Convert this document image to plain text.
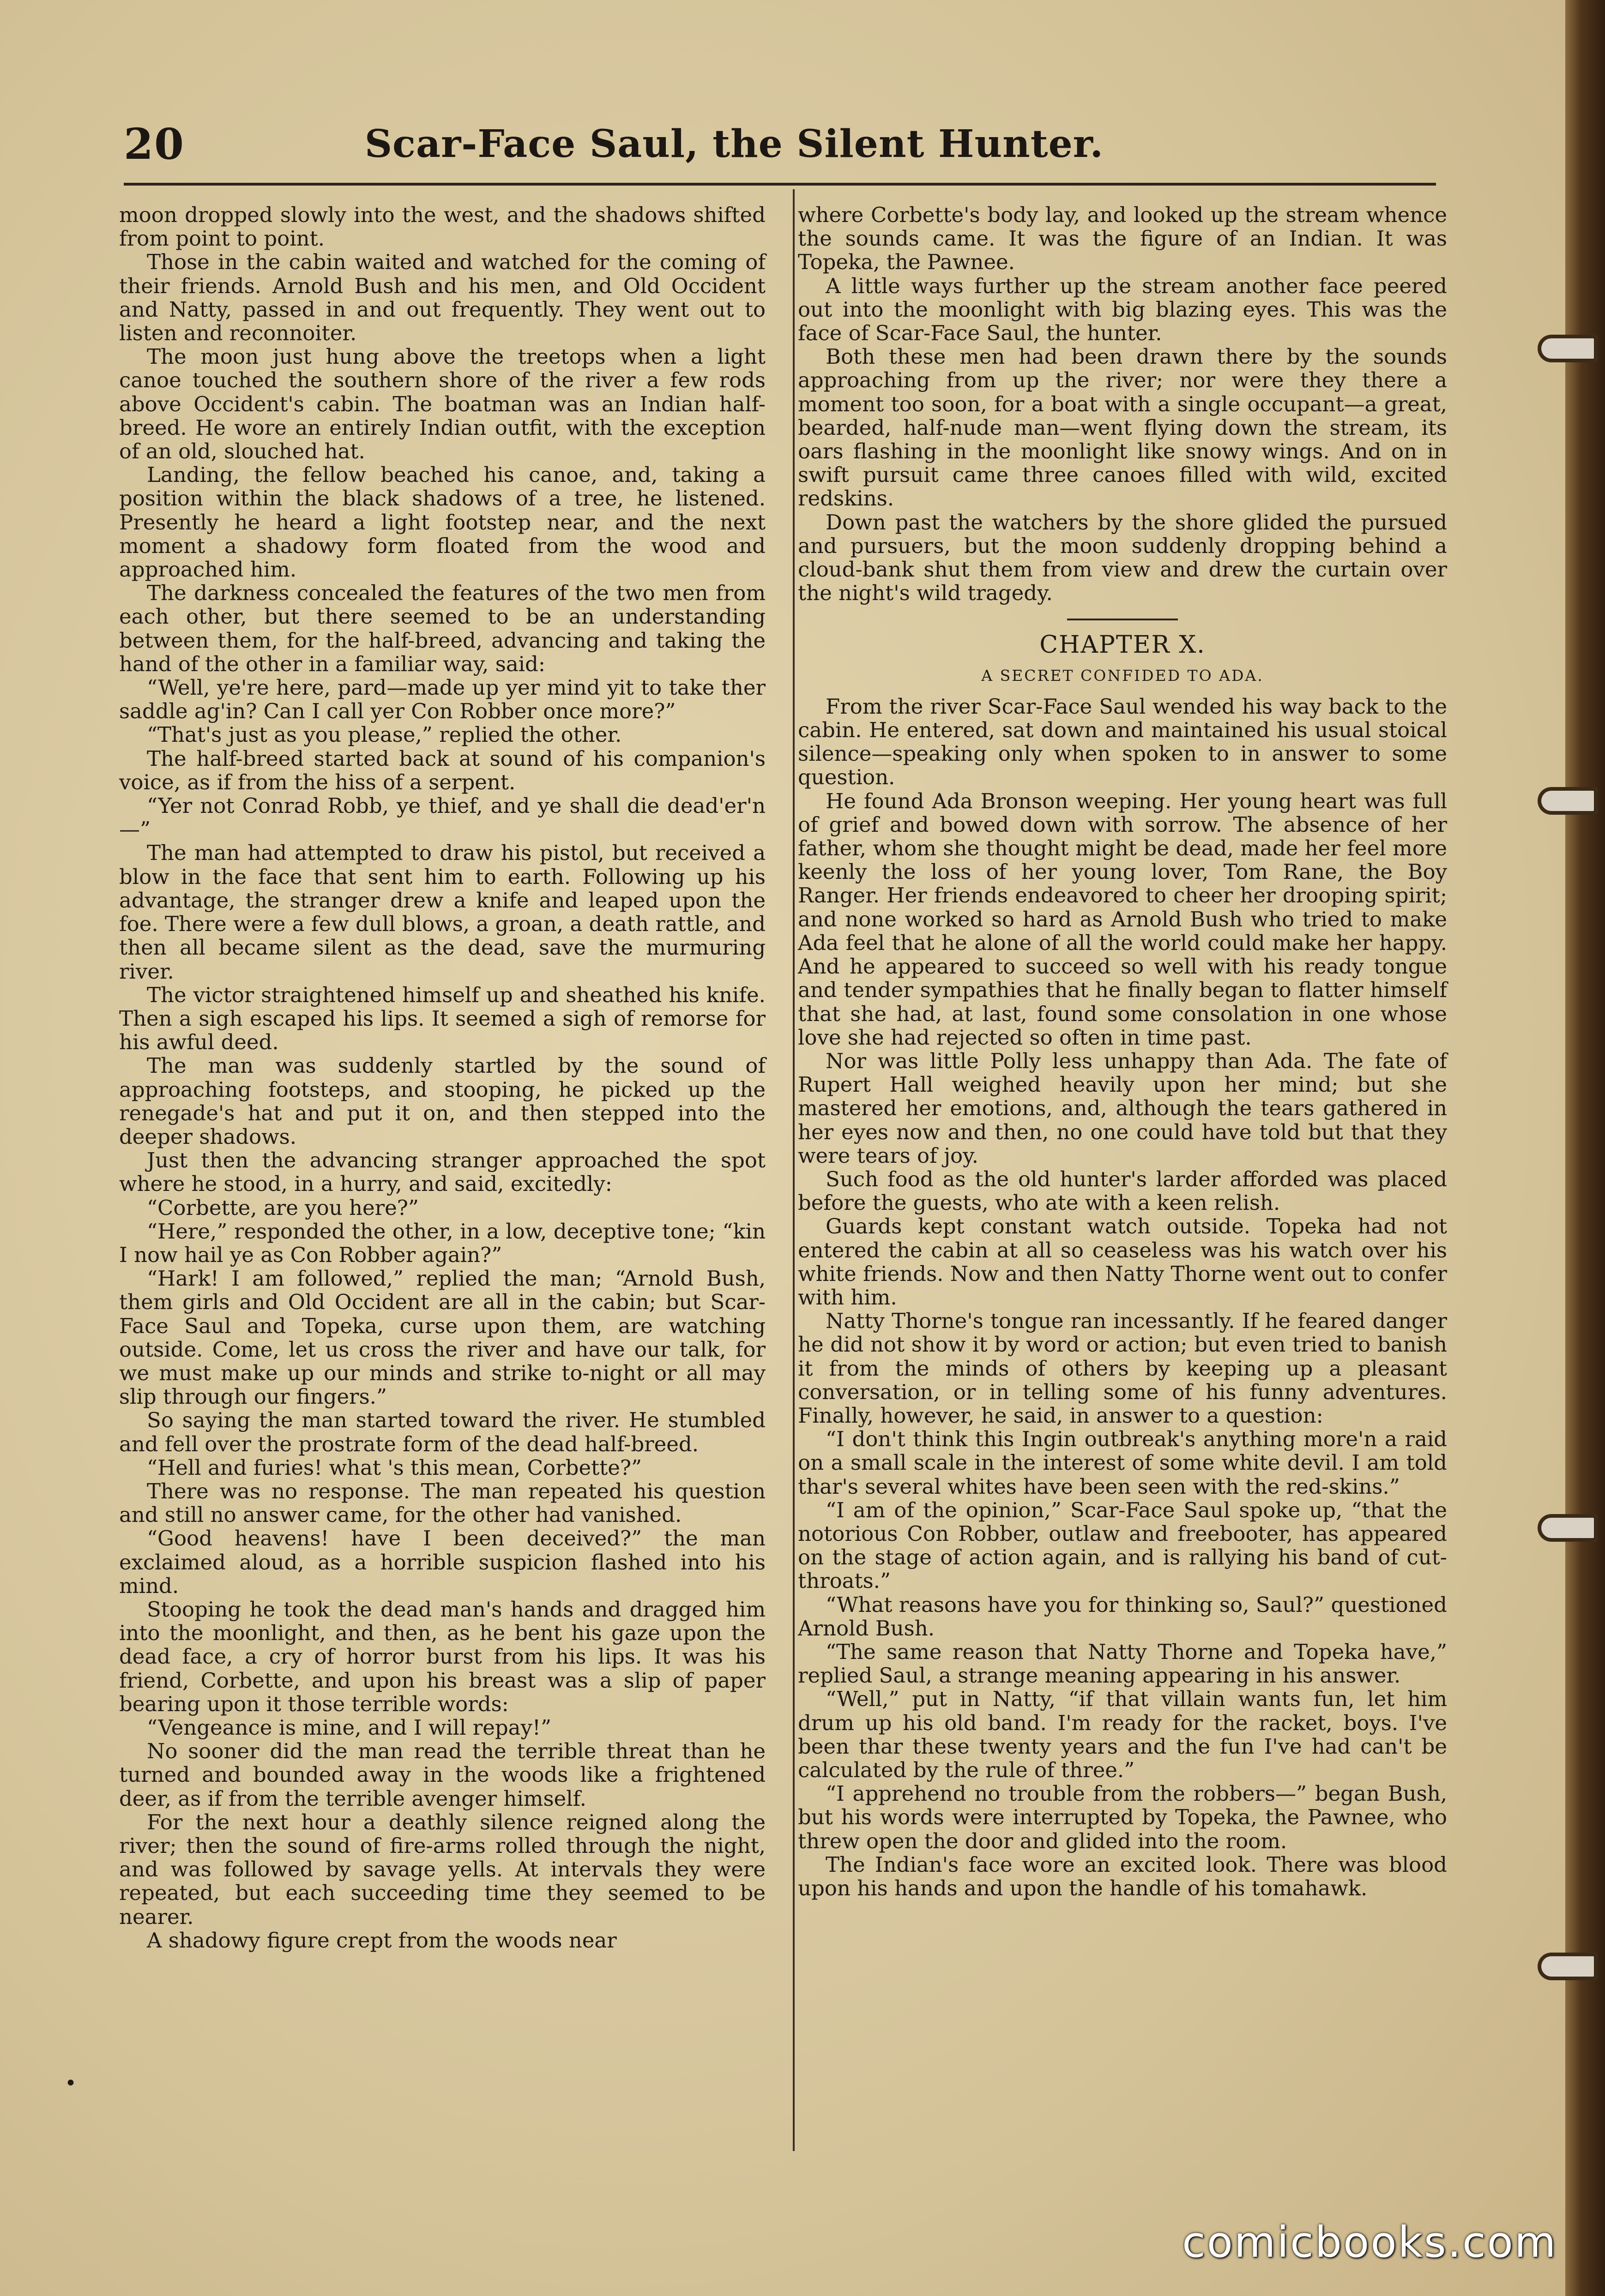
20	Scar-Face Saul, the Silent Hunter.

moon dropped slowly into the west, and the shadows shifted from point to point.

Those in the cabin waited and watched for the coming of their friends. Arnold Bush and his men, and Old Occident and Natty, passed in and out frequently. They went out to listen and reconnoiter.

The moon just hung above the treetops when a light canoe touched the southern shore of the river a few rods above Occident's cabin. The boatman was an Indian half-breed. He wore an entirely Indian outfit, with the exception of an old, slouched hat.

Landing, the fellow beached his canoe, and, taking a position within the black shadows of a tree, he listened. Presently he heard a light footstep near, and the next moment a shadowy form floated from the wood and approached him.

The darkness concealed the features of the two men from each other, but there seemed to be an understanding between them, for the half-breed, advancing and taking the hand of the other in a familiar way, said:

“Well, ye're here, pard—made up yer mind yit to take ther saddle ag'in? Can I call yer Con Robber once more?”

“That's just as you please,” replied the other.

The half-breed started back at sound of his companion's voice, as if from the hiss of a serpent.

“Yer not Conrad Robb, ye thief, and ye shall die dead'er'n—”

The man had attempted to draw his pistol, but received a blow in the face that sent him to earth. Following up his advantage, the stranger drew a knife and leaped upon the foe. There were a few dull blows, a groan, a death rattle, and then all became silent as the dead, save the murmuring river.

The victor straightened himself up and sheathed his knife. Then a sigh escaped his lips. It seemed a sigh of remorse for his awful deed.

The man was suddenly startled by the sound of approaching footsteps, and stooping, he picked up the renegade's hat and put it on, and then stepped into the deeper shadows.

Just then the advancing stranger approached the spot where he stood, in a hurry, and said, excitedly:

“Corbette, are you here?”

“Here,” responded the other, in a low, deceptive tone; “kin I now hail ye as Con Robber again?”

“Hark! I am followed,” replied the man; “Arnold Bush, them girls and Old Occident are all in the cabin; but Scar-Face Saul and Topeka, curse upon them, are watching outside. Come, let us cross the river and have our talk, for we must make up our minds and strike to-night or all may slip through our fingers.”

So saying the man started toward the river. He stumbled and fell over the prostrate form of the dead half-breed.

“Hell and furies! what 's this mean, Corbette?”

There was no response. The man repeated his question and still no answer came, for the other had vanished.

“Good heavens! have I been deceived?” the man exclaimed aloud, as a horrible suspicion flashed into his mind.

Stooping he took the dead man's hands and dragged him into the moonlight, and then, as he bent his gaze upon the dead face, a cry of horror burst from his lips. It was his friend, Corbette, and upon his breast was a slip of paper bearing upon it those terrible words:

“Vengeance is mine, and I will repay!”

No sooner did the man read the terrible threat than he turned and bounded away in the woods like a frightened deer, as if from the terrible avenger himself.

For the next hour a deathly silence reigned along the river; then the sound of fire-arms rolled through the night, and was followed by savage yells. At intervals they were repeated, but each succeeding time they seemed to be nearer.

A shadowy figure crept from the woods near

where Corbette's body lay, and looked up the stream whence the sounds came. It was the figure of an Indian. It was Topeka, the Pawnee.

A little ways further up the stream another face peered out into the moonlight with big blazing eyes. This was the face of Scar-Face Saul, the hunter.

Both these men had been drawn there by the sounds approaching from up the river; nor were they there a moment too soon, for a boat with a single occupant—a great, bearded, half-nude man—went flying down the stream, its oars flashing in the moonlight like snowy wings. And on in swift pursuit came three canoes filled with wild, excited redskins.

Down past the watchers by the shore glided the pursued and pursuers, but the moon suddenly dropping behind a cloud-bank shut them from view and drew the curtain over the night's wild tragedy.

CHAPTER X.
A SECRET CONFIDED TO ADA.

From the river Scar-Face Saul wended his way back to the cabin. He entered, sat down and maintained his usual stoical silence—speaking only when spoken to in answer to some question.

He found Ada Bronson weeping. Her young heart was full of grief and bowed down with sorrow. The absence of her father, whom she thought might be dead, made her feel more keenly the loss of her young lover, Tom Rane, the Boy Ranger. Her friends endeavored to cheer her drooping spirit; and none worked so hard as Arnold Bush who tried to make Ada feel that he alone of all the world could make her happy. And he appeared to succeed so well with his ready tongue and tender sympathies that he finally began to flatter himself that she had, at last, found some consolation in one whose love she had rejected so often in time past.

Nor was little Polly less unhappy than Ada. The fate of Rupert Hall weighed heavily upon her mind; but she mastered her emotions, and, although the tears gathered in her eyes now and then, no one could have told but that they were tears of joy.

Such food as the old hunter's larder afforded was placed before the guests, who ate with a keen relish.

Guards kept constant watch outside. Topeka had not entered the cabin at all so ceaseless was his watch over his white friends. Now and then Natty Thorne went out to confer with him.

Natty Thorne's tongue ran incessantly. If he feared danger he did not show it by word or action; but even tried to banish it from the minds of others by keeping up a pleasant conversation, or in telling some of his funny adventures. Finally, however, he said, in answer to a question:

“I don't think this Ingin outbreak's anything more'n a raid on a small scale in the interest of some white devil. I am told thar's several whites have been seen with the red-skins.”

“I am of the opinion,” Scar-Face Saul spoke up, “that the notorious Con Robber, outlaw and freebooter, has appeared on the stage of action again, and is rallying his band of cut-throats.”

“What reasons have you for thinking so, Saul?” questioned Arnold Bush.

“The same reason that Natty Thorne and Topeka have,” replied Saul, a strange meaning appearing in his answer.

“Well,” put in Natty, “if that villain wants fun, let him drum up his old band. I'm ready for the racket, boys. I've been thar these twenty years and the fun I've had can't be calculated by the rule of three.”

“I apprehend no trouble from the robbers—” began Bush, but his words were interrupted by Topeka, the Pawnee, who threw open the door and glided into the room.

The Indian's face wore an excited look. There was blood upon his hands and upon the handle of his tomahawk.

•
comicbooks.com
